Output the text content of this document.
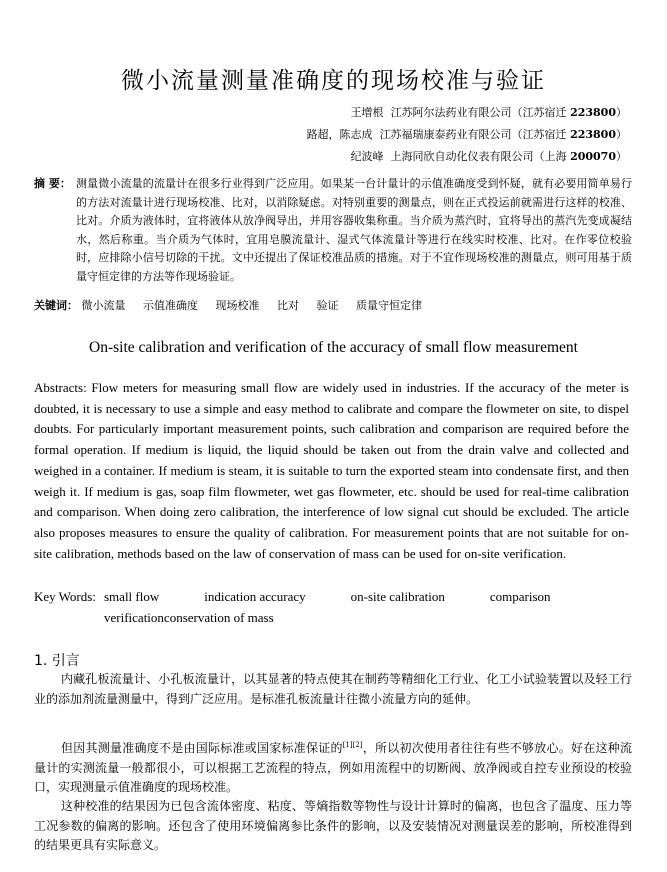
微小流量测量准确度的现场校准与验证
王增根 江苏阿尔法药业有限公司（江苏宿迁 223800）
路超，陈志成 江苏福瑞康泰药业有限公司（江苏宿迁 223800）
纪波峰 上海同欣自动化仪表有限公司（上海 200070）
摘 要： 测量微小流量的流量计在很多行业得到广泛应用。如果某一台计量计的示值准确度受到怀疑，就有必要用简单易行的方法对流量计进行现场校准、比对，以消除疑虑。对特别重要的测量点，则在正式投运前就需进行这样的校准、比对。介质为液体时，宜将液体从放净阀导出，并用容器收集称重。当介质为蒸汽时，宜将导出的蒸汽先变成凝结水，然后称重。当介质为气体时，宜用皂膜流量计、湿式气体流量计等进行在线实时校准、比对。在作零位校验时，应排除小信号切除的干扰。文中还提出了保证校准品质的措施。对于不宜作现场校准的测量点，则可用基于质量守恒定律的方法等作现场验证。
关键词： 微小流量 示值准确度 现场校准 比对 验证 质量守恒定律
On-site calibration and verification of the accuracy of small flow measurement
Abstracts: Flow meters for measuring small flow are widely used in industries. If the accuracy of the meter is doubted, it is necessary to use a simple and easy method to calibrate and compare the flowmeter on site, to dispel doubts. For particularly important measurement points, such calibration and comparison are required before the formal operation. If medium is liquid, the liquid should be taken out from the drain valve and collected and weighed in a container. If medium is steam, it is suitable to turn the exported steam into condensate first, and then weigh it. If medium is gas, soap film flowmeter, wet gas flowmeter, etc. should be used for real-time calibration and comparison. When doing zero calibration, the interference of low signal cut should be excluded. The article also proposes measures to ensure the quality of calibration. For measurement points that are not suitable for on-site calibration, methods based on the law of conservation of mass can be used for on-site verification.
Key Words: small flow	indication accuracy	on-site calibration	comparison
verification conservation of mass
1. 引言
内藏孔板流量计、小孔板流量计，以其显著的特点使其在制药等精细化工行业、化工小试验装置以及轻工行业的添加剂流量测量中，得到广泛应用。是标准孔板流量计往微小流量方向的延伸。
但因其测量准确度不是由国际标准或国家标准保证的[1][2]，所以初次使用者往往有些不够放心。好在这种流量计的实测流量一般都很小，可以根据工艺流程的特点，例如用流程中的切断阀、放净阀或自控专业预设的校验口，实现测量示值准确度的现场校准。
这种校准的结果因为已包含流体密度、粘度、等熵指数等物性与设计计算时的偏离，也包含了温度、压力等工况参数的偏离的影响。还包含了使用环境偏离参比条件的影响，以及安装情况对测量误差的影响，所校准得到的结果更具有实际意义。
